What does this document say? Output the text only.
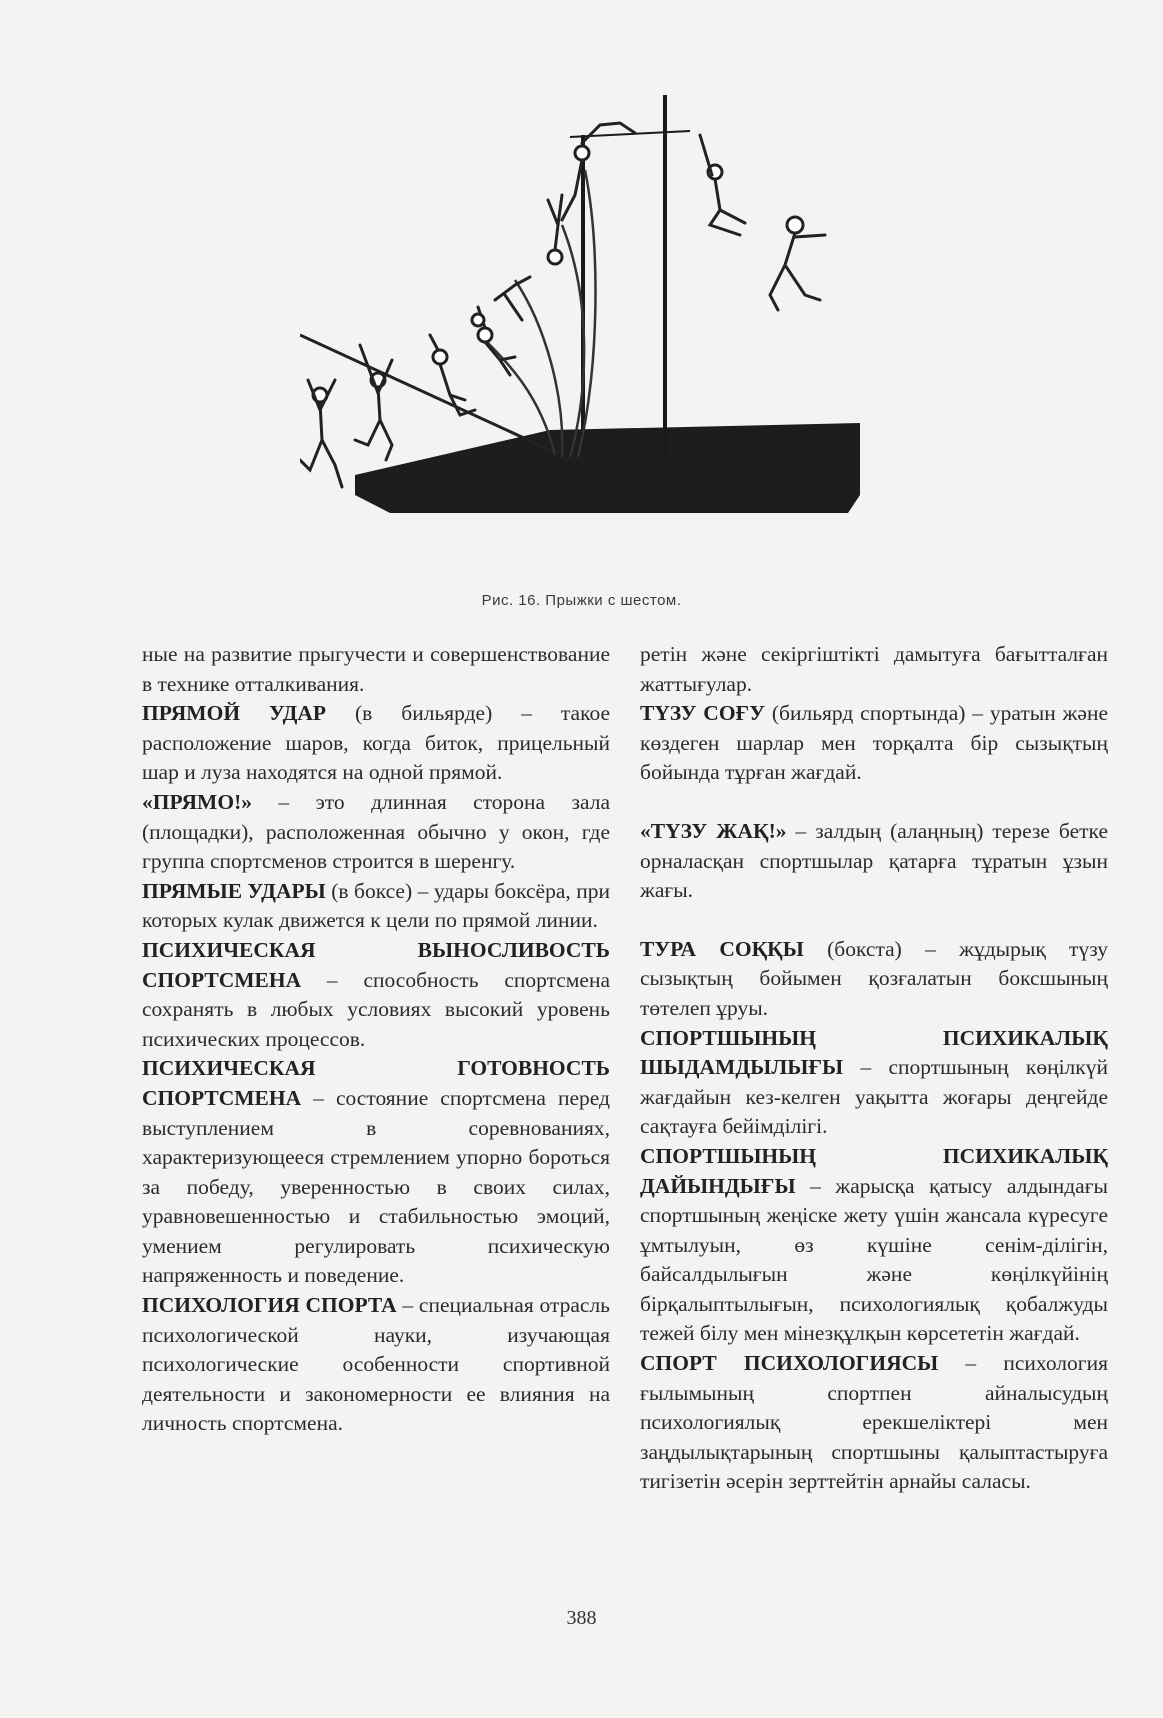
Рис. 16. Прыжки с шестом.

ные на развитие прыгучести и совершенствование в технике отталкивания.

ПРЯМОЙ УДАР (в бильярде) – такое расположение шаров, когда биток, прицельный шар и луза находятся на одной прямой.

«ПРЯМО!» – это длинная сторона зала (площадки), расположенная обычно у окон, где группа спортсменов строится в шеренгу.

ПРЯМЫЕ УДАРЫ (в боксе) – удары боксёра, при которых кулак движется к цели по прямой линии.

ПСИХИЧЕСКАЯ ВЫНОСЛИВОСТЬ СПОРТСМЕНА – способность спортсмена сохранять в любых условиях высокий уровень психических процессов.

ПСИХИЧЕСКАЯ ГОТОВНОСТЬ СПОРТСМЕНА – состояние спортсмена перед выступлением в соревнованиях, характеризующееся стремлением упорно бороться за победу, уверенностью в своих силах, уравновешенностью и стабильностью эмоций, умением регулировать психическую напряженность и поведение.

ПСИХОЛОГИЯ СПОРТА – специальная отрасль психологической науки, изучающая психологические особенности спортивной деятельности и закономерности ее влияния на личность спортсмена.

ретін және секіргіштікті дамытуға бағытталған жаттығулар.

ТҮЗУ СОҒУ (бильярд спортында) – уратын және көздеген шарлар мен торқалта бір сызықтың бойында тұрған жағдай.

«ТҮЗУ ЖАҚ!» – залдың (алаңның) терезе бетке орналасқан спортшылар қатарға тұратын ұзын жағы.

ТУРА СОҚҚЫ (бокста) – жұдырық түзу сызықтың бойымен қозғалатын боксшының төтелеп ұруы.

СПОРТШЫНЫҢ ПСИХИКАЛЫҚ ШЫДАМДЫЛЫҒЫ – спортшының көңілкүй жағдайын кез-келген уақытта жоғары деңгейде сақтауға бейімділігі.

СПОРТШЫНЫҢ ПСИХИКАЛЫҚ ДАЙЫНДЫҒЫ – жарысқа қатысу алдындағы спортшының жеңіске жету үшін жансала күресуге ұмтылуын, өз күшіне сенім-ділігін, байсалдылығын және көңілкүйінің бірқалыптылығын, психологиялық қобалжуды тежей білу мен мінезқұлқын көрсететін жағдай.

СПОРТ ПСИХОЛОГИЯСЫ – психология ғылымының спортпен айналысудың психологиялық ерекшеліктері мен заңдылықтарының спортшыны қалыптастыруға тигізетін әсерін зерттейтін арнайы саласы.

388
